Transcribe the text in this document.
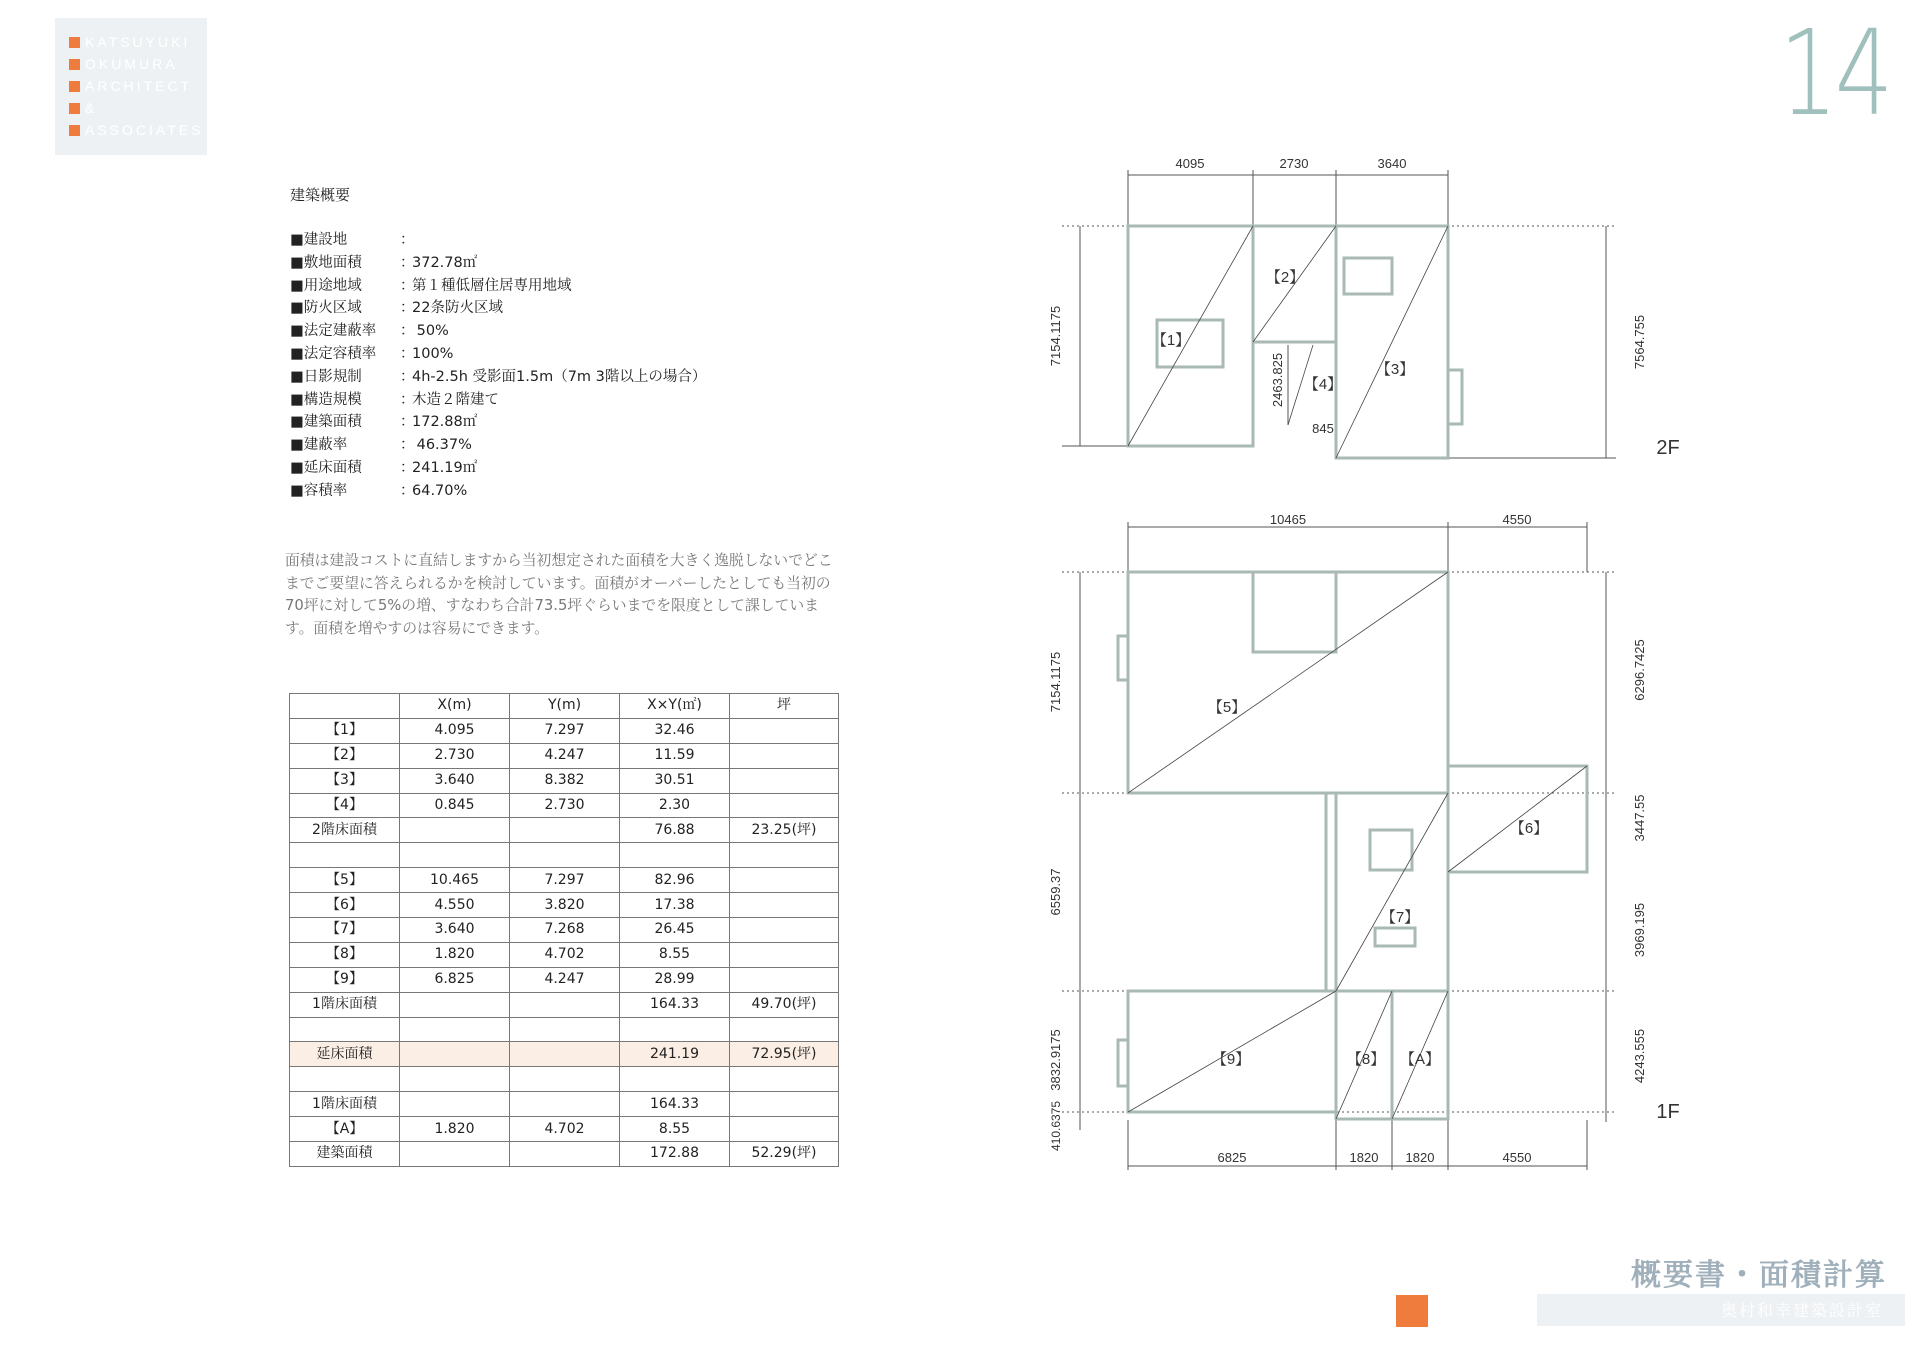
KATSUYUKI
OKUMURA
ARCHITECT
&
ASSOCIATES	14
建築概要
■建設地	：
■敷地面積	：372.78㎡
■用途地域	：第１種低層住居専用地域
■防火区域	：22条防火区域
■法定建蔽率 ： 50%
■法定容積率 ：100%
■日影規制	：4h-2.5h 受影面1.5m（7m 3階以上の場合）
■構造規模	：木造２階建て
■建築面積	：172.88㎡
■建蔽率	： 46.37%
■延床面積	：241.19㎡
■容積率	：64.70%
面積は建設コストに直結しますから当初想定された面積を大きく逸脱しないでどこまでご要望に答えられるかを検討しています。面積がオーバーしたとしても当初の70坪に対して5%の増、すなわち合計73.5坪ぐらいまでを限度として課しています。面積を増やすのは容易にできます。
	X(m)	Y(m)	X×Y(㎡)	坪
【1】	4.095	7.297	32.46	
【2】	2.730	4.247	11.59	
【3】	3.640	8.382	30.51	
【4】	0.845	2.730	2.30	
2階床面積			76.88	23.25(坪)

【5】	10.465	7.297	82.96	
【6】	4.550	3.820	17.38	
【7】	3.640	7.268	26.45	
【8】	1.820	4.702	8.55	
【9】	6.825	4.247	28.99	
1階床面積			164.33	49.70(坪)

延床面積			241.19	72.95(坪)

1階床面積			164.33	
【A】	1.820	4.702	8.55	
建築面積			172.88	52.29(坪)
4095	2730	3640
7154.1175	7564.755
2463.825
845
【1】
【2】
【3】
【4】
2F
10465	4550
6825	1820 1820	4550
7154.1175
6559.37
3832.9175
410.6375
6296.7425
3447.55
3969.195
4243.555
【5】
【6】
【7】
【8】
【9】	【A】
1F
概要書・面積計算
奥村和幸建築設計室
